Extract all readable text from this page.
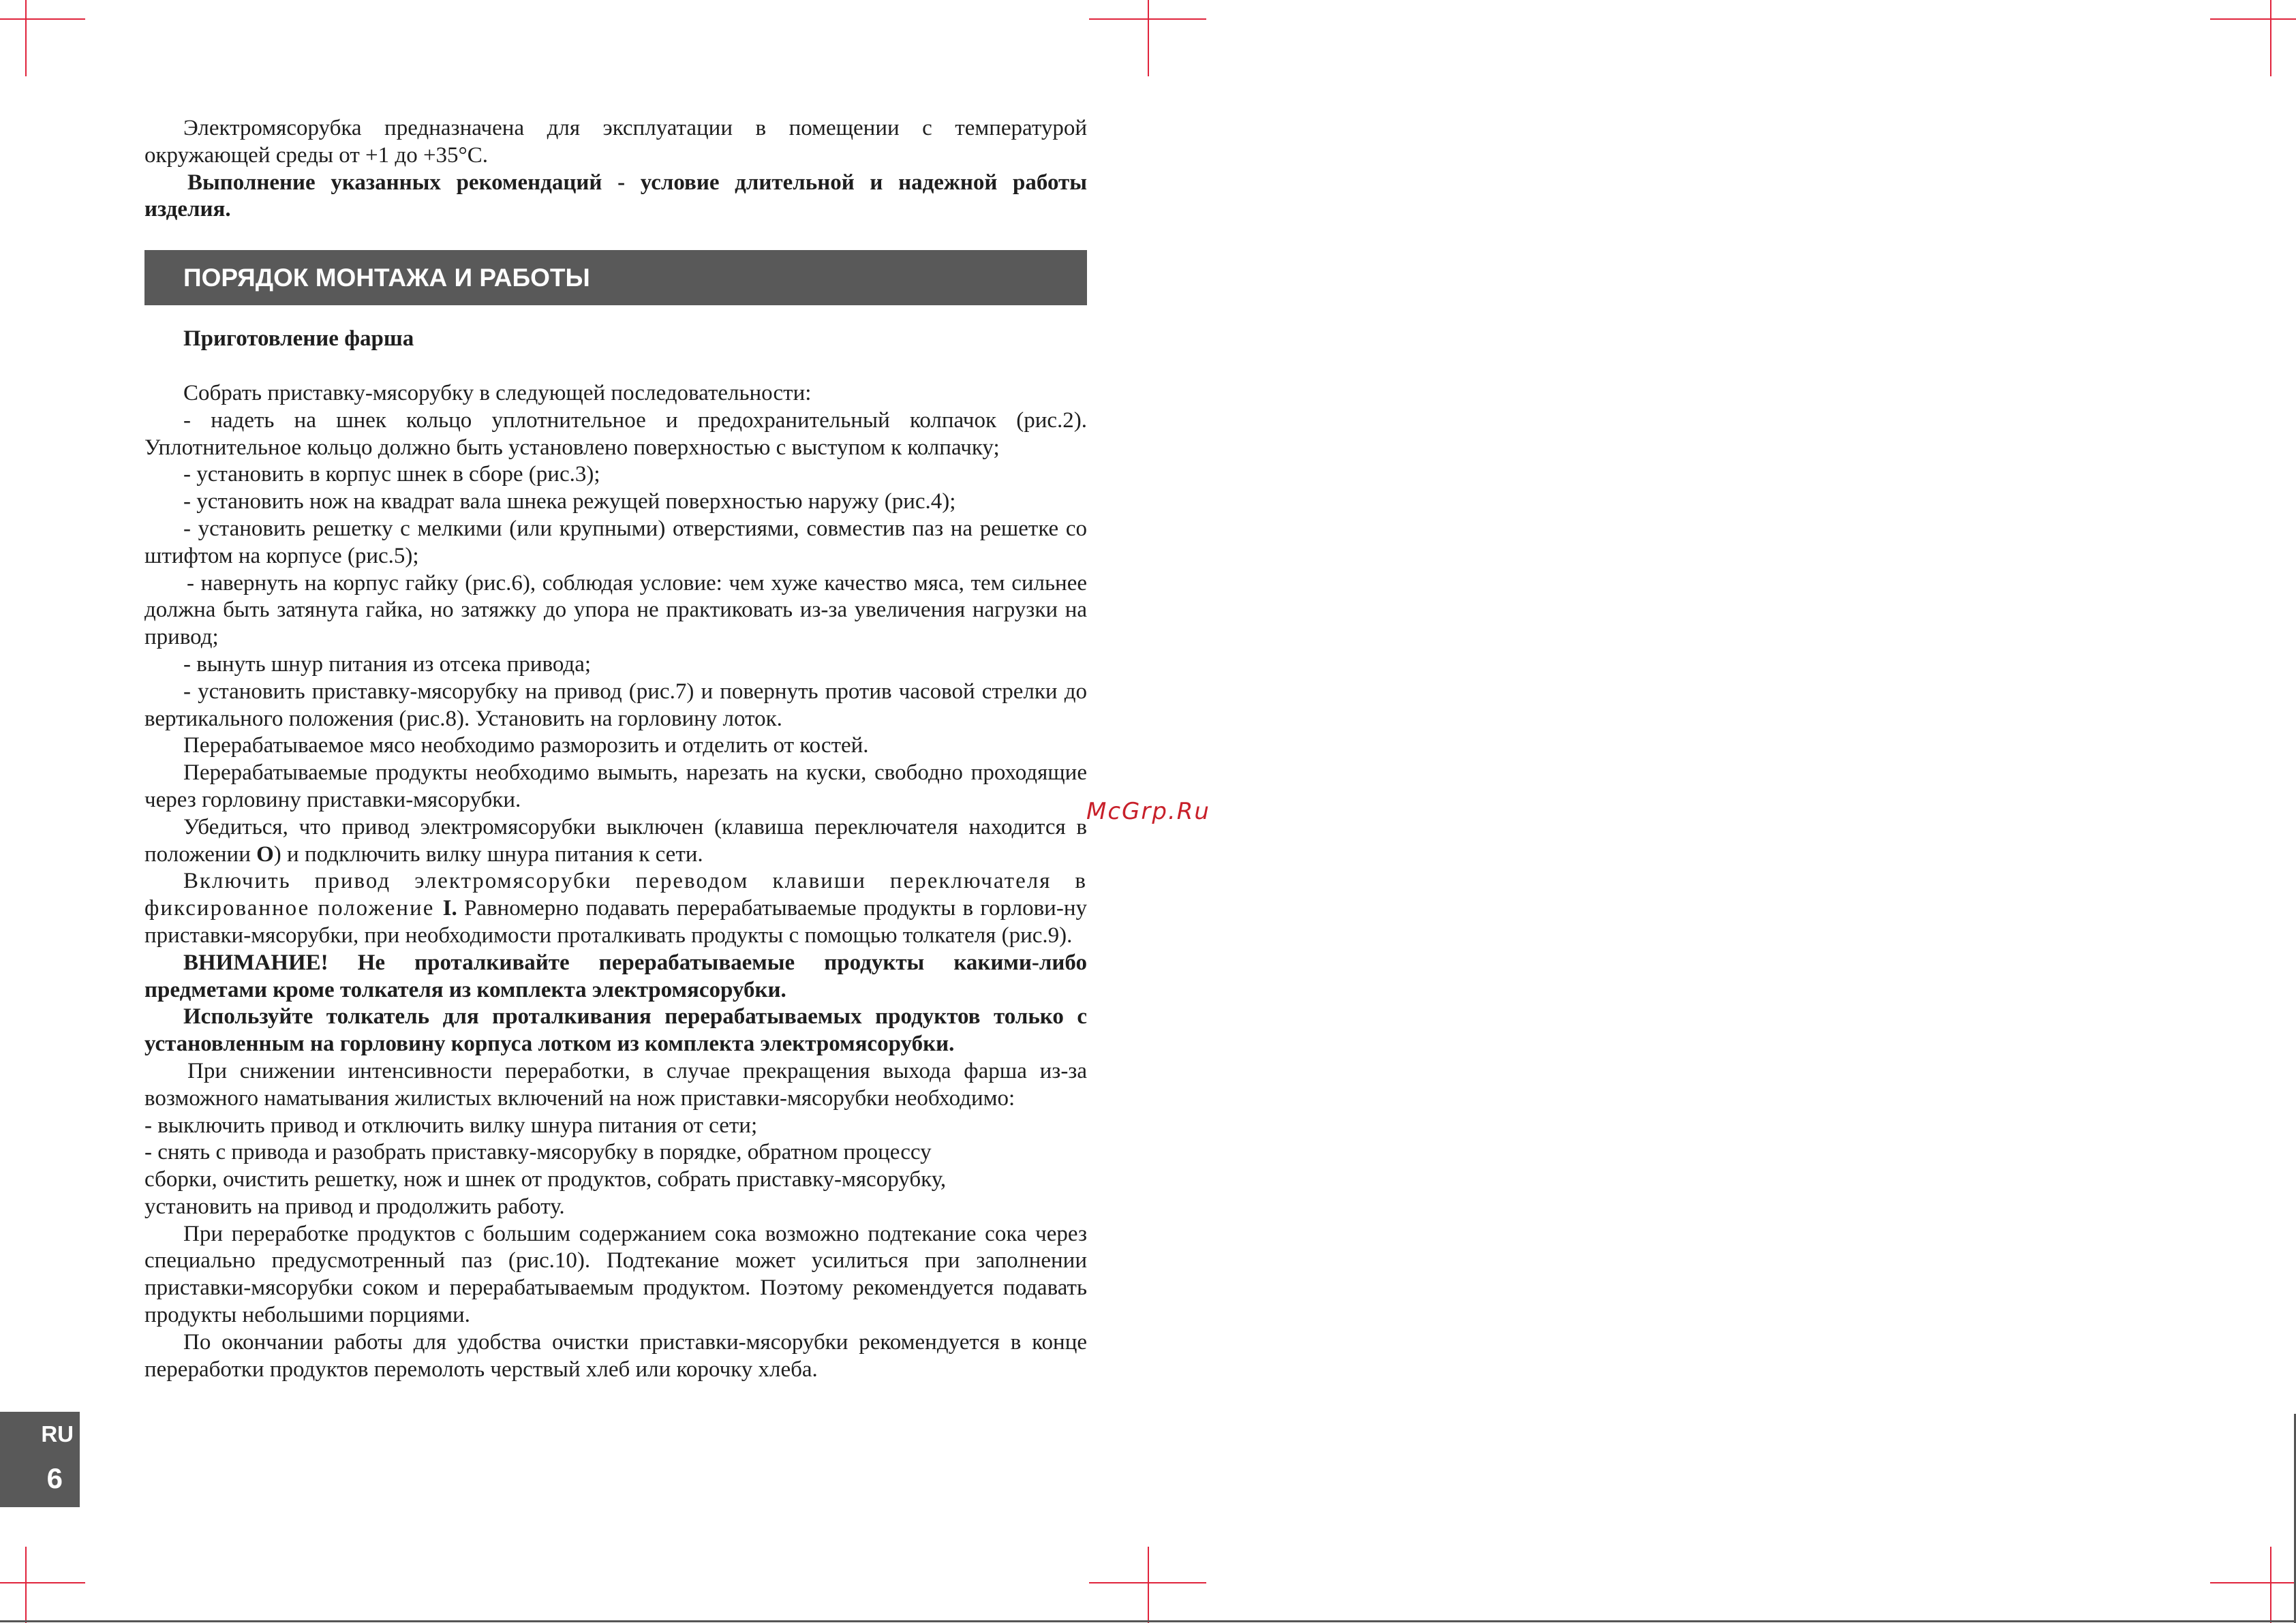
Электромясорубка предназначена для эксплуатации в помещении с температурой окружающей среды от +1 до +35°С.

Выполнение указанных рекомендаций - условие длительной и надежной работы изделия.

ПОРЯДОК МОНТАЖА И РАБОТЫ

Приготовление фарша

Собрать приставку-мясорубку в следующей последовательности:

- надеть на шнек кольцо уплотнительное и предохранительный колпачок (рис.2). Уплотнительное кольцо должно быть установлено поверхностью с выступом к колпачку;

- установить в корпус шнек в сборе (рис.3);

- установить нож на квадрат вала шнека режущей поверхностью наружу (рис.4);

- установить решетку с мелкими (или крупными) отверстиями, совместив паз на решетке со штифтом на корпусе (рис.5);

- навернуть на корпус гайку (рис.6), соблюдая условие: чем хуже качество мяса, тем сильнее должна быть затянута гайка, но затяжку до упора не практиковать из-за увеличения нагрузки на привод;

- вынуть шнур питания из отсека привода;

- установить приставку-мясорубку на привод (рис.7) и повернуть против часовой стрелки до вертикального положения (рис.8). Установить на горловину лоток.

Перерабатываемое мясо необходимо разморозить и отделить от костей.

Перерабатываемые продукты необходимо вымыть, нарезать на куски, свободно проходящие через горловину приставки-мясорубки.

Убедиться, что привод электромясорубки выключен (клавиша переключателя находится в положении О) и подключить вилку шнура питания к сети.

Включить привод электромясорубки переводом клавиши переключателя в фиксированное положение I. Равномерно подавать перерабатываемые продукты в горлови-ну приставки-мясорубки, при необходимости проталкивать продукты с помощью толкателя (рис.9).

ВНИМАНИЕ! Не проталкивайте перерабатываемые продукты какими-либо предметами кроме толкателя из комплекта электромясорубки.

Используйте толкатель для проталкивания перерабатываемых продуктов только с установленным на горловину корпуса лотком из комплекта электромясорубки.

При снижении интенсивности переработки, в случае прекращения выхода фарша из-за возможного наматывания жилистых включений на нож приставки-мясорубки необходимо:

- выключить привод и отключить вилку шнура питания от сети;

- снять с привода и разобрать приставку-мясорубку в порядке, обратном процессу

сборки, очистить решетку, нож и шнек от продуктов, собрать приставку-мясорубку,

установить на привод и продолжить работу.

При переработке продуктов с большим содержанием сока возможно подтекание сока через специально предусмотренный паз (рис.10). Подтекание может усилиться при заполнении приставки-мясорубки соком и перерабатываемым продуктом. Поэтому рекомендуется подавать продукты небольшими порциями.

По окончании работы для удобства очистки приставки-мясорубки рекомендуется в конце переработки продуктов перемолоть черствый хлеб или корочку хлеба.

McGrp.Ru
RU
6
